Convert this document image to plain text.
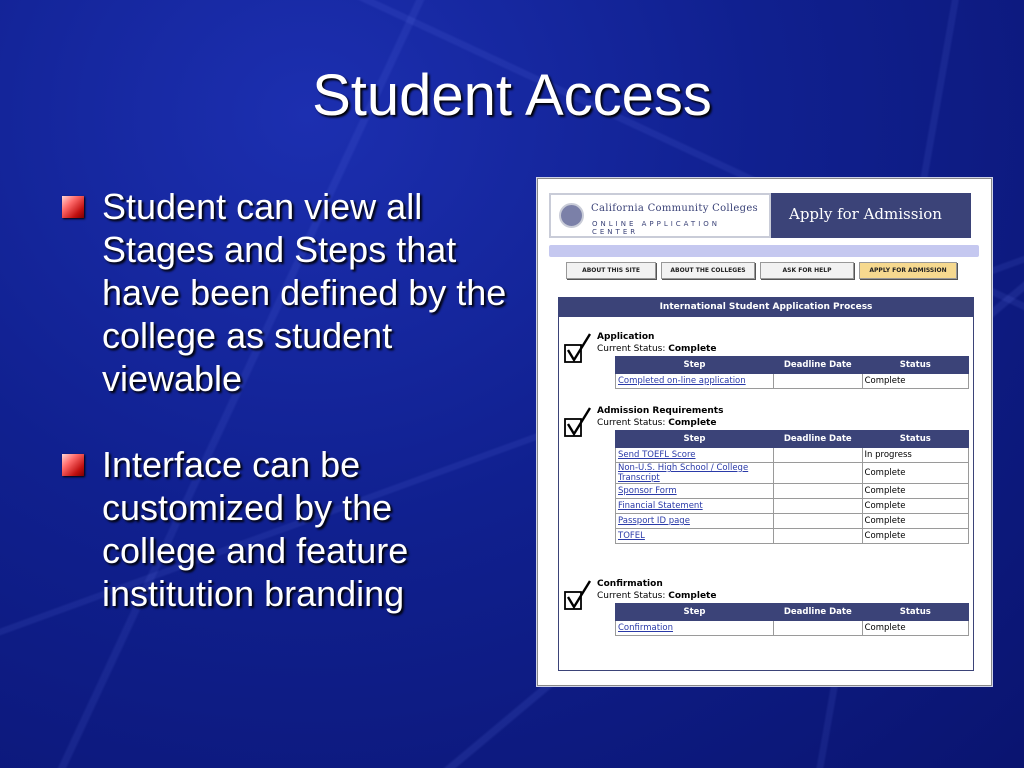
Student Access
Student can view all Stages and Steps that have been defined by the college as student viewable
Interface can be customized by the college and feature institution branding
California Community Colleges
ONLINE APPLICATION CENTER
Apply for Admission
ABOUT THIS SITE	ABOUT THE COLLEGES	ASK FOR HELP	APPLY FOR ADMISSION
International Student Application Process
Application
Current Status: Complete
Step	Deadline Date	Status
Completed on-line application		Complete
Admission Requirements
Current Status: Complete
Step	Deadline Date	Status
Send TOEFL Score		In progress
Non-U.S. High School / College Transcript		Complete
Sponsor Form		Complete
Financial Statement		Complete
Passport ID page		Complete
TOFEL		Complete
Confirmation
Current Status: Complete
Step	Deadline Date	Status
Confirmation		Complete
